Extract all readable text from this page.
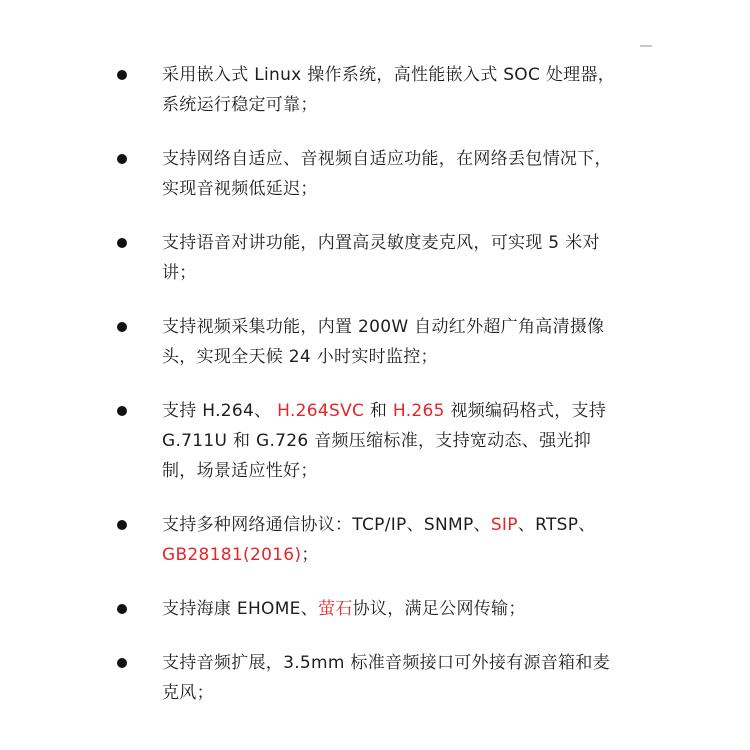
采用嵌入式 Linux 操作系统，高性能嵌入式 SOC 处理器，系统运行稳定可靠；
支持网络自适应、音视频自适应功能，在网络丢包情况下，实现音视频低延迟；
支持语音对讲功能，内置高灵敏度麦克风，可实现 5 米对讲；
支持视频采集功能，内置 200W 自动红外超广角高清摄像头，实现全天候 24 小时实时监控；
支持 H.264、 H.264SVC 和 H.265 视频编码格式，支持 G.711U 和 G.726 音频压缩标准，支持宽动态、强光抑制，场景适应性好；
支持多种网络通信协议：TCP/IP、SNMP、SIP、RTSP、GB28181(2016)；
支持海康 EHOME、萤石协议，满足公网传输；
支持音频扩展，3.5mm 标准音频接口可外接有源音箱和麦克风；
